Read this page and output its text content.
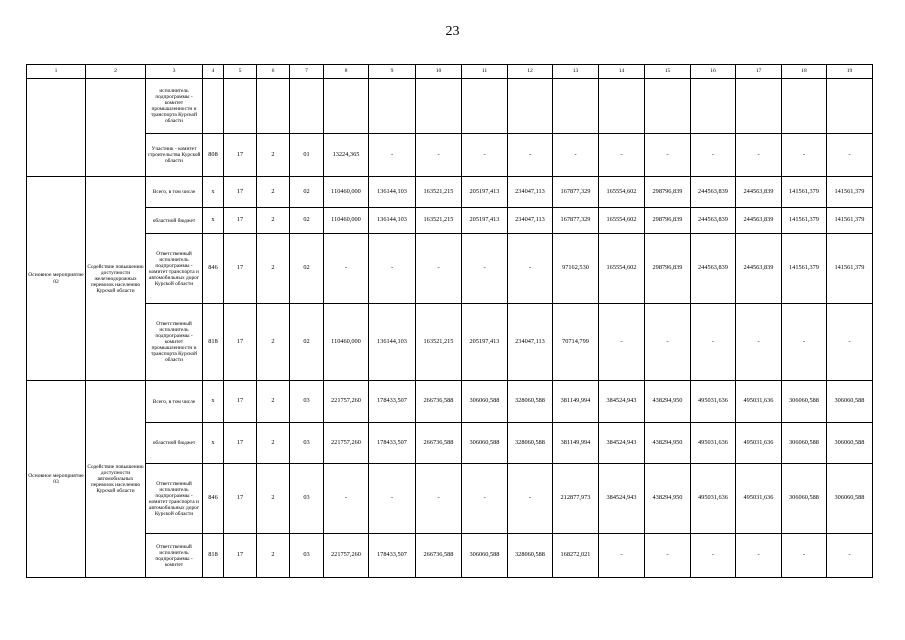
23
1	2	3	4	5	6	7	8	9	10	11	12	13	14	15	16	17	18	19
		исполнитель подпрограммы - комитет промышленности и транспорта Курской области																
		Участник - комитет строительства Курской области	808	17	2	01	13224,365	-	-	-	-	-	-	-	-	-	-	-
Основное мероприятие 02	Содействие повышению доступности железнодорожных перевозок населению Курской области	Всего, в том числе	х	17	2	02	110460,000	136144,103	163521,215	205197,413	234047,113	167877,329	165554,602	298796,839	244563,839	244563,839	141561,379	141561,379
		областной бюджет	х	17	2	02	110460,000	136144,103	163521,215	205197,413	234047,113	167877,329	165554,602	298796,839	244563,839	244563,839	141561,379	141561,379
		Ответственный исполнитель подпрограммы - комитет транспорта и автомобильных дорог Курской области	846	17	2	02	-	-	-	-	-	97162,530	165554,602	298796,839	244563,839	244563,839	141561,379	141561,379
		Ответственный исполнитель подпрограммы - комитет промышленности и транспорта Курской области	818	17	2	02	110460,000	136144,103	163521,215	205197,413	234047,113	70714,799	-	-	-	-	-	-
Основное мероприятие 03	Содействие повышению доступности автомобильных перевозок населению Курской области	Всего, в том числе	х	17	2	03	221757,260	178433,507	266736,588	306060,588	328060,588	381149,994	384524,943	438294,950	495031,636	495031,636	306060,588	306060,588
		областной бюджет	х	17	2	03	221757,260	178433,507	266736,588	306060,588	328060,588	381149,994	384524,943	438294,950	495031,636	495031,636	306060,588	306060,588
		Ответственный исполнитель подпрограммы - комитет транспорта и автомобильных дорог Курской области	846	17	2	03	-	-	-	-	-	212877,973	384524,943	438294,950	495031,636	495031,636	306060,588	306060,588
		Ответственный исполнитель подпрограммы - комитет	818	17	2	03	221757,260	178433,507	266736,588	306060,588	328060,588	168272,021	-	-	-	-	-	-
